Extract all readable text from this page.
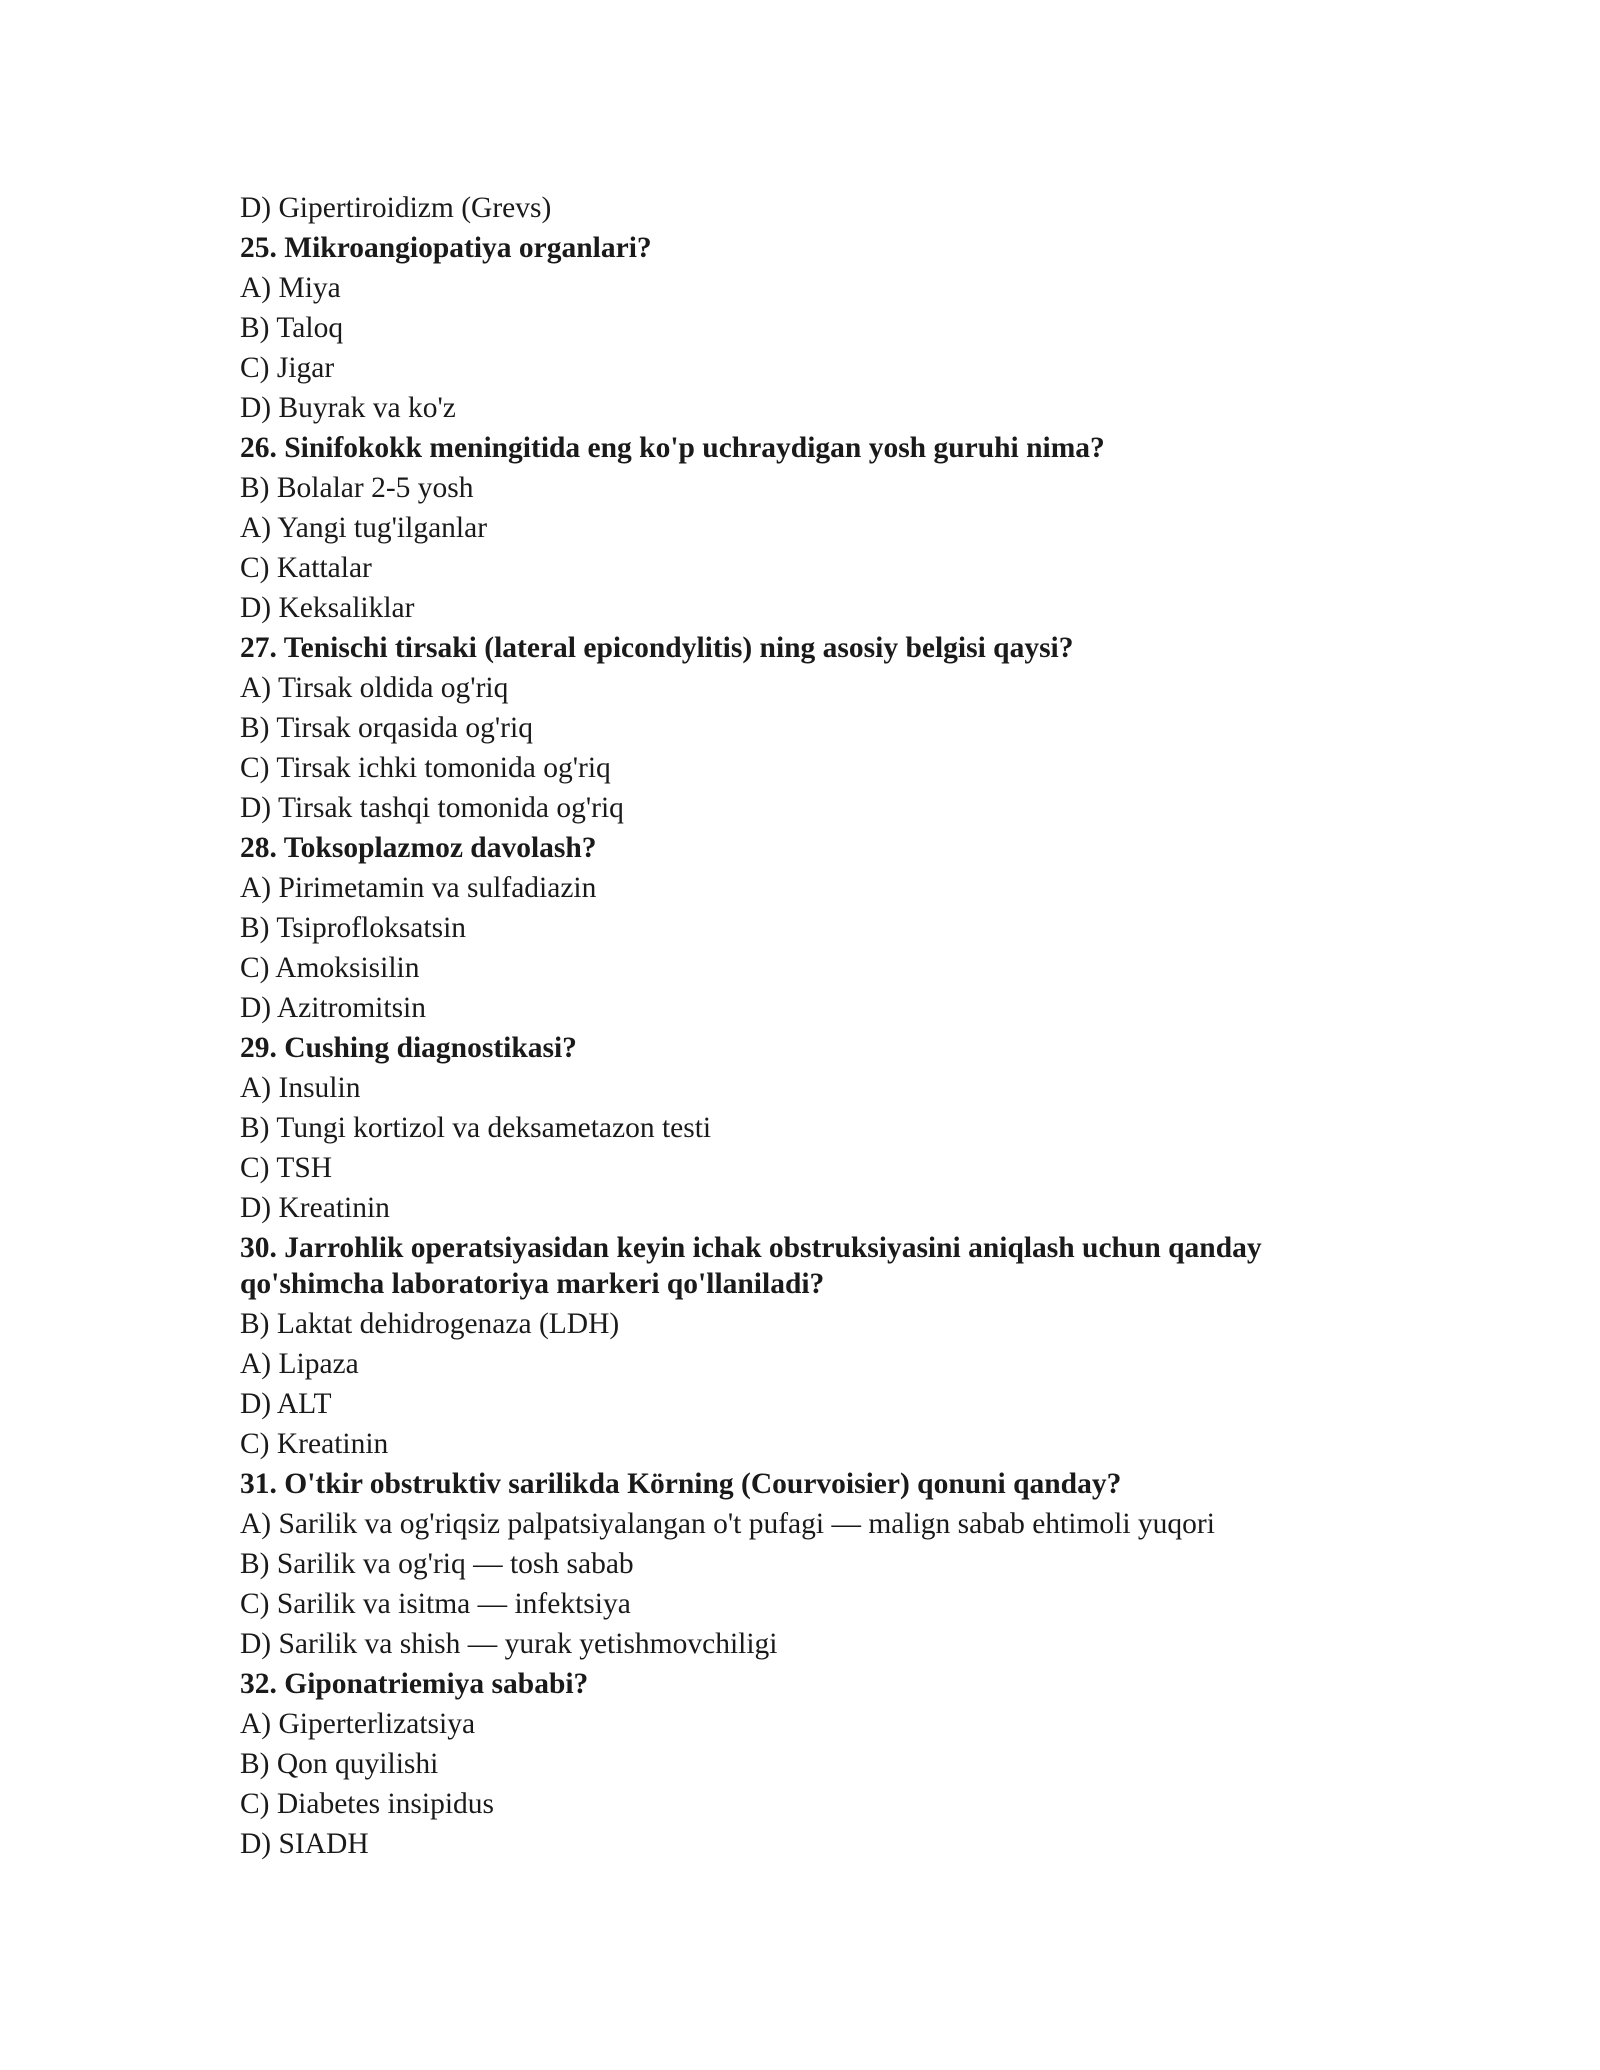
D) Gipertiroidizm (Grevs)
25. Mikroangiopatiya organlari?
A) Miya
B) Taloq
C) Jigar
D) Buyrak va ko'z
26. Sinifokokk meningitida eng ko'p uchraydigan yosh guruhi nima?
B) Bolalar 2-5 yosh
A) Yangi tug'ilganlar
C) Kattalar
D) Keksaliklar
27. Tenischi tirsaki (lateral epicondylitis) ning asosiy belgisi qaysi?
A) Tirsak oldida og'riq
B) Tirsak orqasida og'riq
C) Tirsak ichki tomonida og'riq
D) Tirsak tashqi tomonida og'riq
28. Toksoplazmoz davolash?
A) Pirimetamin va sulfadiazin
B) Tsiprofloksatsin
C) Amoksisilin
D) Azitromitsin
29. Cushing diagnostikasi?
A) Insulin
B) Tungi kortizol va deksametazon testi
C) TSH
D) Kreatinin
30. Jarrohlik operatsiyasidan keyin ichak obstruksiyasini aniqlash uchun qanday qo'shimcha laboratoriya markeri qo'llaniladi?
B) Laktat dehidrogenaza (LDH)
A) Lipaza
D) ALT
C) Kreatinin
31. O'tkir obstruktiv sarilikda Körning (Courvoisier) qonuni qanday?
A) Sarilik va og'riqsiz palpatsiyalangan o't pufagi — malign sabab ehtimoli yuqori
B) Sarilik va og'riq — tosh sabab
C) Sarilik va isitma — infektsiya
D) Sarilik va shish — yurak yetishmovchiligi
32. Giponatriemiya sababi?
A) Giperterlizatsiya
B) Qon quyilishi
C) Diabetes insipidus
D) SIADH
